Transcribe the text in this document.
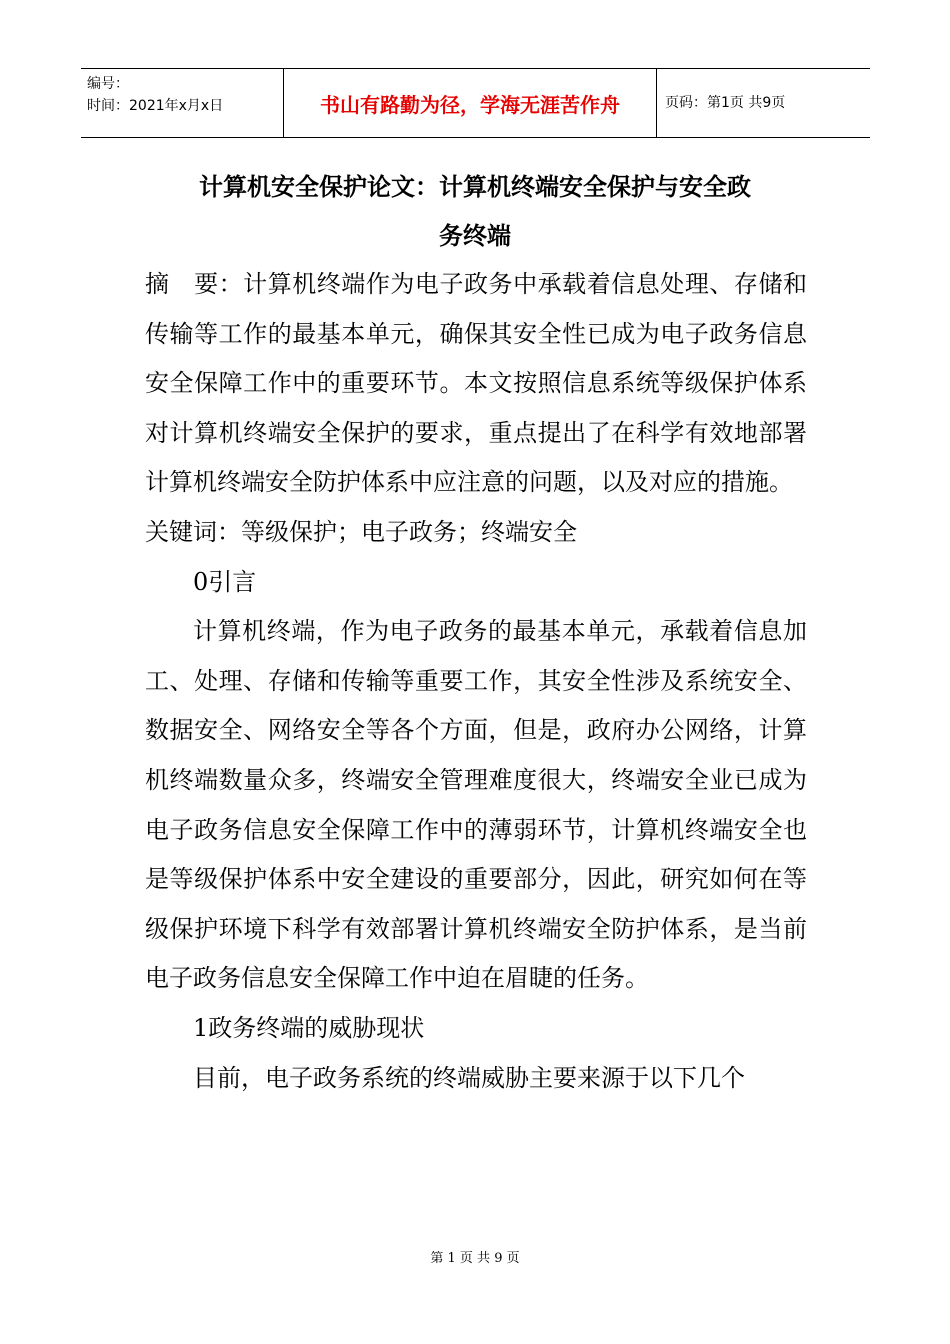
编号：
时间：2021年x月x日	书山有路勤为径，学海无涯苦作舟	页码：第1页 共9页
计算机安全保护论文：计算机终端安全保护与安全政
务终端

摘　要：计算机终端作为电子政务中承载着信息处理、存储和传输等工作的最基本单元，确保其安全性已成为电子政务信息安全保障工作中的重要环节。本文按照信息系统等级保护体系对计算机终端安全保护的要求，重点提出了在科学有效地部署计算机终端安全防护体系中应注意的问题，以及对应的措施。

关键词：等级保护；电子政务；终端安全

0引言

计算机终端，作为电子政务的最基本单元，承载着信息加工、处理、存储和传输等重要工作，其安全性涉及系统安全、数据安全、网络安全等各个方面，但是，政府办公网络，计算机终端数量众多，终端安全管理难度很大，终端安全业已成为电子政务信息安全保障工作中的薄弱环节，计算机终端安全也是等级保护体系中安全建设的重要部分，因此，研究如何在等级保护环境下科学有效部署计算机终端安全防护体系，是当前电子政务信息安全保障工作中迫在眉睫的任务。

1政务终端的威胁现状

目前，电子政务系统的终端威胁主要来源于以下几个

第 1 页 共 9 页
